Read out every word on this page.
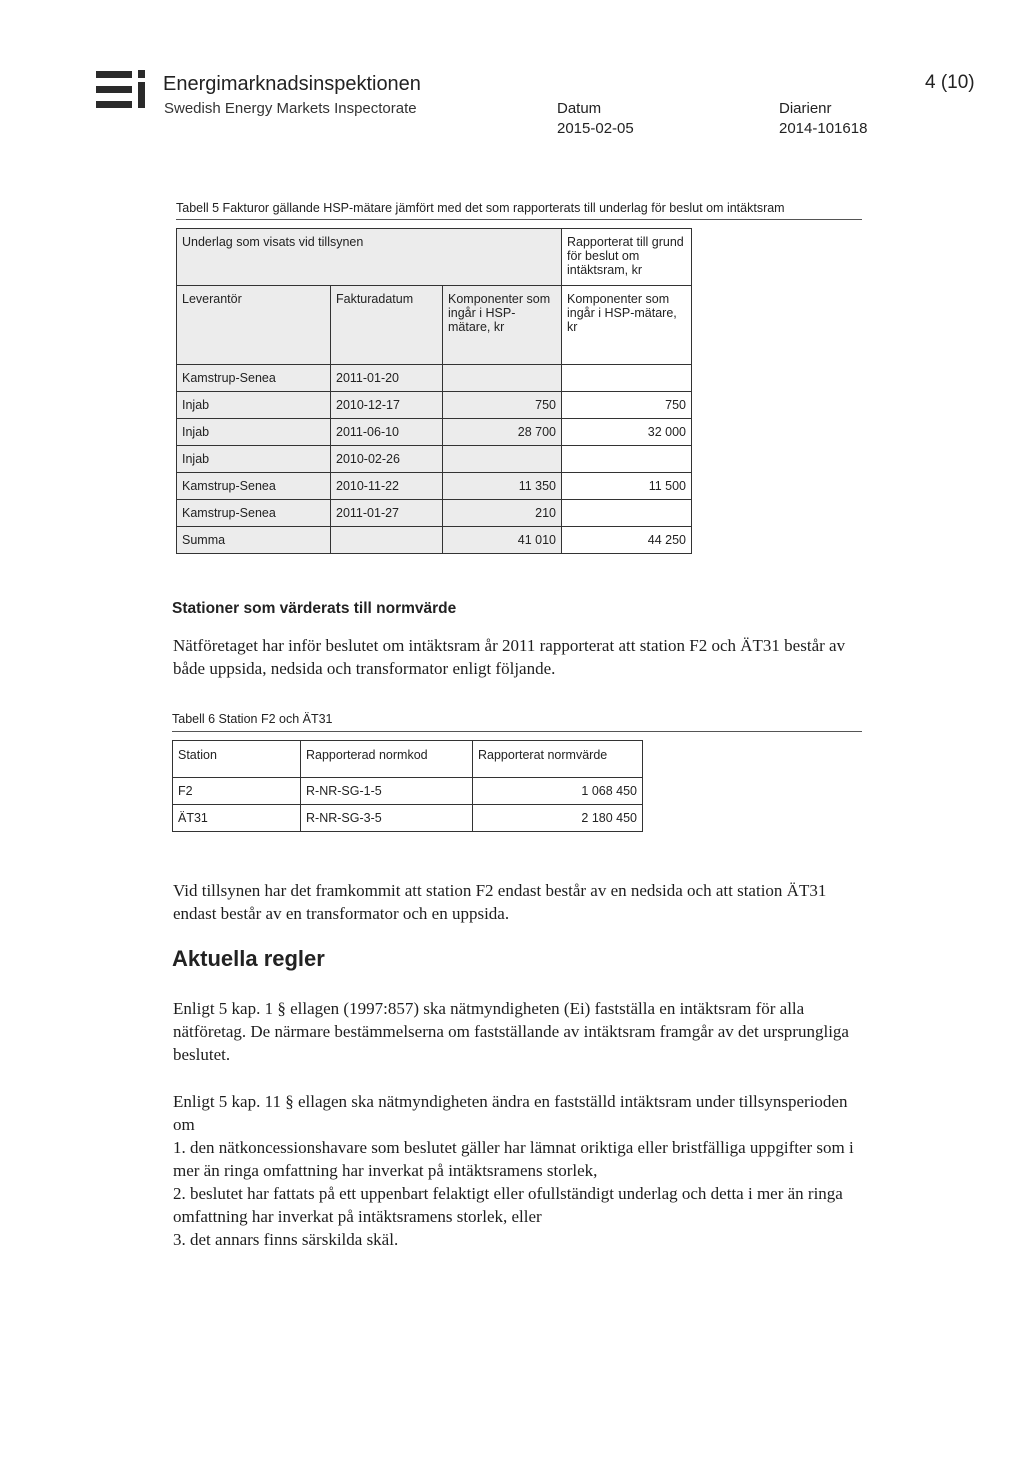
Energimarknadsinspektionen
Swedish Energy Markets Inspectorate	Datum
2015-02-05
Diarienr
2014-101618
4 (10)
Tabell 5 Fakturor gällande HSP-mätare jämfört med det som rapporterats till underlag för beslut om intäktsram
Underlag som visats vid tillsynen			Rapporterat till grund för beslut om intäktsram, kr
Leverantör	Fakturadatum	Komponenter som ingår i HSP-mätare, kr	Komponenter som ingår i HSP-mätare, kr
Kamstrup-Senea	2011-01-20		
Injab	2010-12-17	750	750
Injab	2011-06-10	28 700	32 000
Injab	2010-02-26		
Kamstrup-Senea	2010-11-22	11 350	11 500
Kamstrup-Senea	2011-01-27	210	
Summa		41 010	44 250
Stationer som värderats till normvärde

Nätföretaget har inför beslutet om intäktsram år 2011 rapporterat att station F2 och ÄT31 består av både uppsida, nedsida och transformator enligt följande.

Tabell 6 Station F2 och ÄT31
Station	Rapporterad normkod	Rapporterat normvärde
F2	R-NR-SG-1-5	1 068 450
ÄT31	R-NR-SG-3-5	2 180 450

Vid tillsynen har det framkommit att station F2 endast består av en nedsida och att station ÄT31 endast består av en transformator och en uppsida.

Aktuella regler

Enligt 5 kap. 1 § ellagen (1997:857) ska nätmyndigheten (Ei) fastställa en intäktsram för alla nätföretag. De närmare bestämmelserna om fastställande av intäktsram framgår av det ursprungliga beslutet.

Enligt 5 kap. 11 § ellagen ska nätmyndigheten ändra en fastställd intäktsram under tillsynsperioden om

1. den nätkoncessionshavare som beslutet gäller har lämnat oriktiga eller bristfälliga uppgifter som i mer än ringa omfattning har inverkat på intäktsramens storlek,

2. beslutet har fattats på ett uppenbart felaktigt eller ofullständigt underlag och detta i mer än ringa omfattning har inverkat på intäktsramens storlek, eller

3. det annars finns särskilda skäl.
